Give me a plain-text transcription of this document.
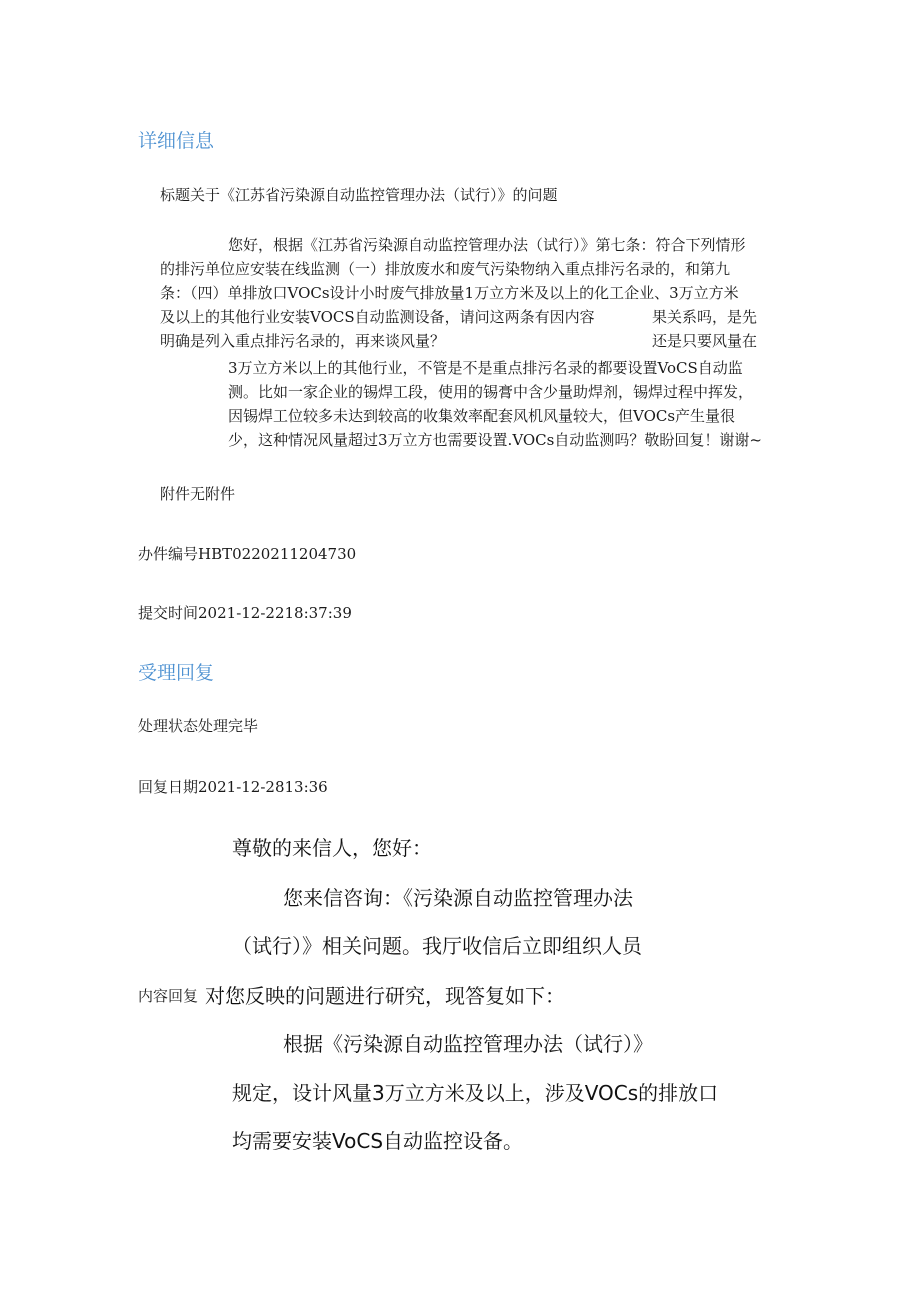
详细信息
标题关于《江苏省污染源自动监控管理办法（试行）》的问题
您好，根据《江苏省污染源自动监控管理办法（试行）》第七条：符合下列情形
的排污单位应安装在线监测（一）排放废水和废气污染物纳入重点排污名录的，和第九
条：（四）单排放口VOCs设计小时废气排放量1万立方米及以上的化工企业、3万立方米
及以上的其他行业安装VOCS自动监测设备，请问这两条有因内容	果关系吗，是先
明确是列入重点排污名录的，再来谈风量？	还是只要风量在
3万立方米以上的其他行业，不管是不是重点排污名录的都要设置VoCS自动监
测。比如一家企业的锡焊工段，使用的锡膏中含少量助焊剂，锡焊过程中挥发，
因锡焊工位较多未达到较高的收集效率配套风机风量较大，但VOCs产生量很
少，这种情况风量超过3万立方也需要设置.VOCs自动监测吗？敬盼回复！谢谢~
附件无附件
办件编号HBT0220211204730
提交时间2021-12-2218:37:39
受理回复
处理状态处理完毕
回复日期2021-12-2813:36
尊敬的来信人，您好：
您来信咨询：《污染源自动监控管理办法
（试行）》相关问题。我厅收信后立即组织人员
内容回复 对您反映的问题进行研究，现答复如下：
根据《污染源自动监控管理办法（试行）》
规定，设计风量3万立方米及以上，涉及VOCs的排放口
均需要安装VoCS自动监控设备。
